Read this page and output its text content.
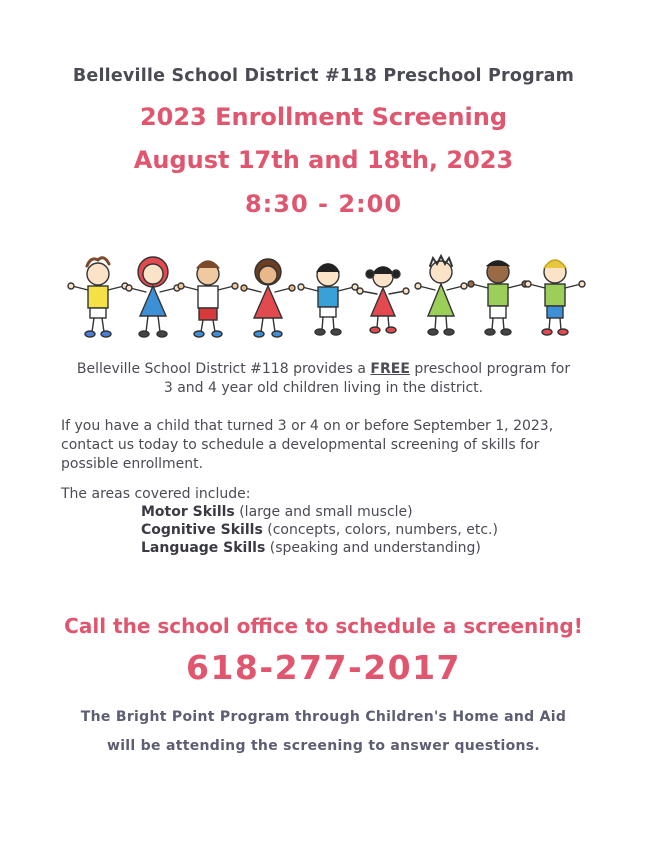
Belleville School District #118 Preschool Program
2023 Enrollment Screening
August 17th and 18th, 2023
8:30 - 2:00
Belleville School District #118 provides a FREE preschool program for
3 and 4 year old children living in the district.
If you have a child that turned 3 or 4 on or before September 1, 2023,
contact us today to schedule a developmental screening of skills for
possible enrollment.
The areas covered include:
Motor Skills (large and small muscle)
Cognitive Skills (concepts, colors, numbers, etc.)
Language Skills (speaking and understanding)
Call the school office to schedule a screening!
618-277-2017
The Bright Point Program through Children's Home and Aid
will be attending the screening to answer questions.
